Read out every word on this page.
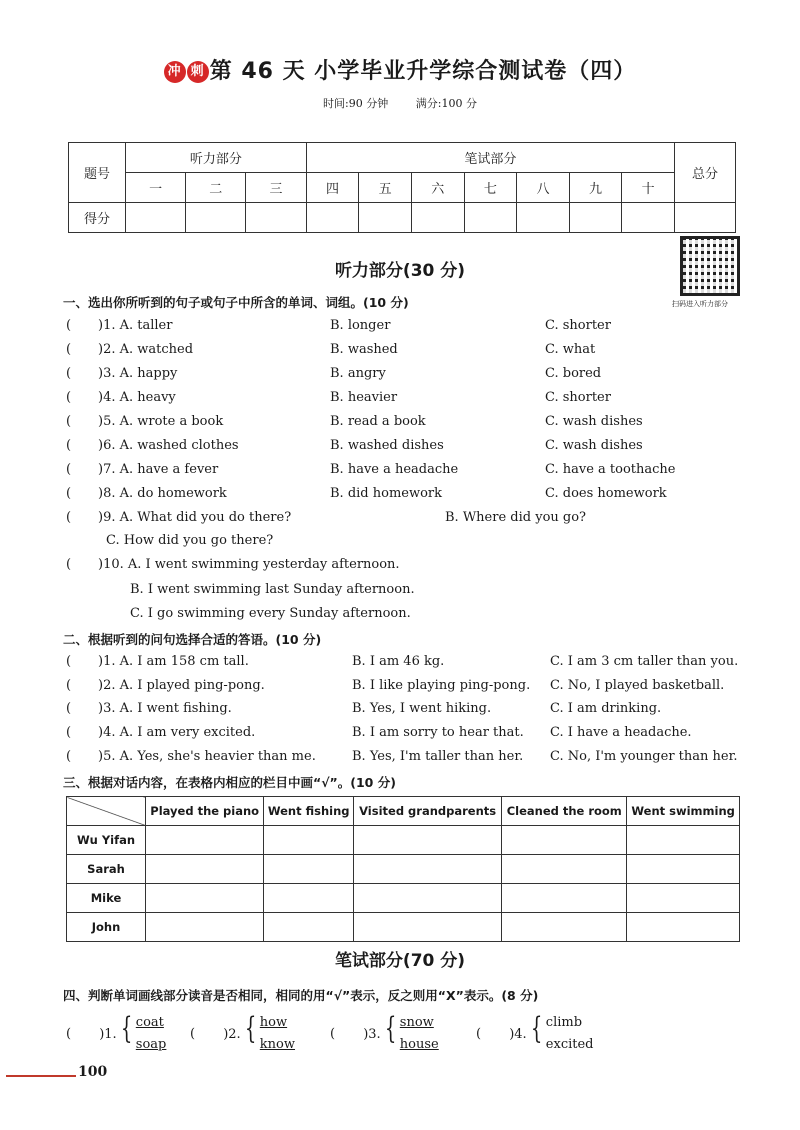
冲 刺 第 46 天 小学毕业升学综合测试卷（四）
时间:90 分钟	满分:100 分
题号	听力部分			笔试部分							总分
	一	二	三	四	五	六	七	八	九	十	
得分											
听力部分(30 分)
扫码进入听力部分
一、选出你所听到的句子或句子中所含的单词、词组。(10 分)
( )1. A. taller	B. longer	C. shorter
( )2. A. watched	B. washed	C. what
( )3. A. happy	B. angry	C. bored
( )4. A. heavy	B. heavier	C. shorter
( )5. A. wrote a book	B. read a book	C. wash dishes
( )6. A. washed clothes	B. washed dishes	C. wash dishes
( )7. A. have a fever	B. have a headache	C. have a toothache
( )8. A. do homework	B. did homework	C. does homework
( )9. A. What did you do there?	B. Where did you go?
C. How did you go there?
( )10. A. I went swimming yesterday afternoon.
B. I went swimming last Sunday afternoon.
C. I go swimming every Sunday afternoon.
二、根据听到的问句选择合适的答语。(10 分)
( )1. A. I am 158 cm tall.	B. I am 46 kg.	C. I am 3 cm taller than you.
( )2. A. I played ping-pong.	B. I like playing ping-pong. C. No, I played basketball.
( )3. A. I went fishing.	B. Yes, I went hiking.	C. I am drinking.
( )4. A. I am very excited.	B. I am sorry to hear that. C. I have a headache.
( )5. A. Yes, she's heavier than me.	B. Yes, I'm taller than her. C. No, I'm younger than her.
三、根据对话内容，在表格内相应的栏目中画“√”。(10 分)
	Played the piano	Went fishing	Visited grandparents	Cleaned the room	Went swimming
Wu Yifan					
Sarah					
Mike					
John					
笔试部分(70 分)
四、判断单词画线部分读音是否相同，相同的用“√”表示，反之则用“X”表示。(8 分)
( )1. { coat
soap
( )2. { how
know
( )3. { snow
house
( )4. { climb
excited
100
